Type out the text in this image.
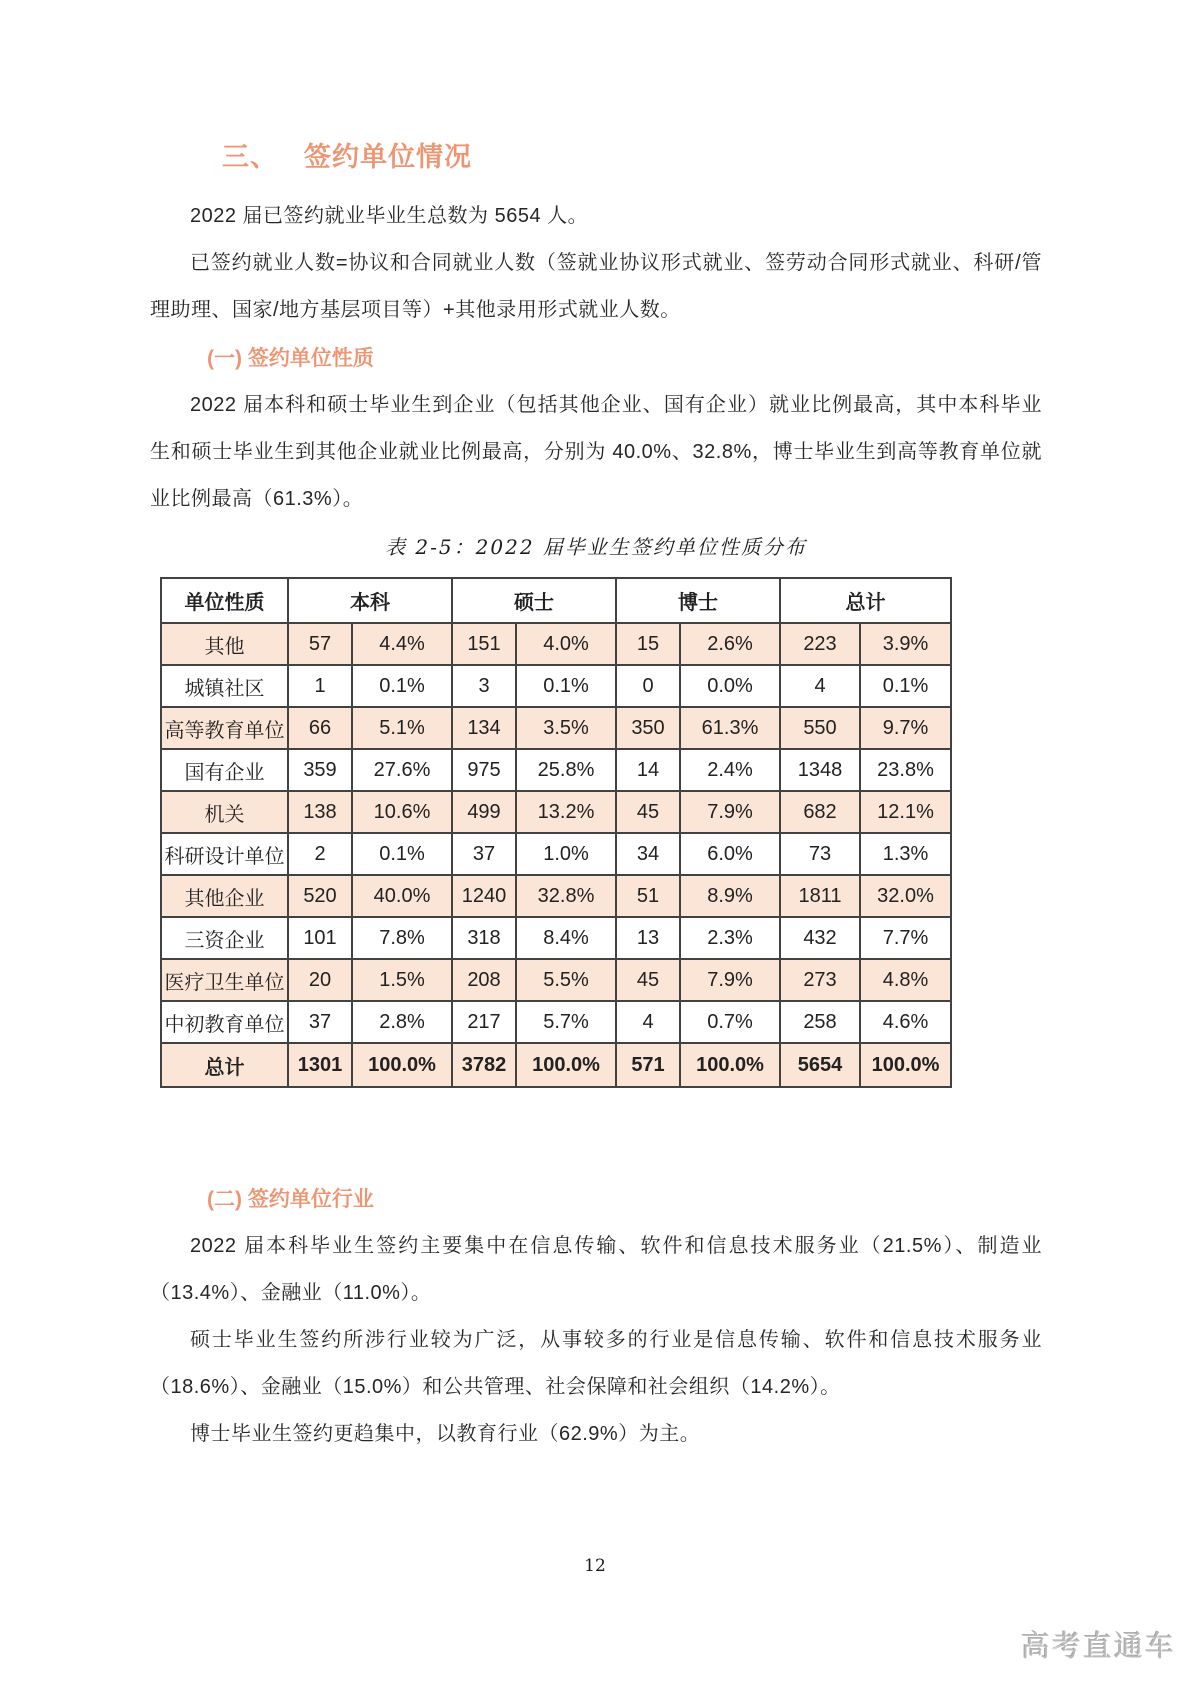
三、 签约单位情况

2022 届已签约就业毕业生总数为 5654 人。

已签约就业人数=协议和合同就业人数（签就业协议形式就业、签劳动合同形式就业、科研/管理助理、国家/地方基层项目等）+其他录用形式就业人数。

(一) 签约单位性质

2022 届本科和硕士毕业生到企业（包括其他企业、国有企业）就业比例最高，其中本科毕业生和硕士毕业生到其他企业就业比例最高，分别为 40.0%、32.8%，博士毕业生到高等教育单位就业比例最高（61.3%）。

表 2-5：2022 届毕业生签约单位性质分布
单位性质	本科		硕士		博士		总计	
其他	57	4.4%	151	4.0%	15	2.6%	223	3.9%
城镇社区	1	0.1%	3	0.1%	0	0.0%	4	0.1%
高等教育单位	66	5.1%	134	3.5%	350	61.3%	550	9.7%
国有企业	359	27.6%	975	25.8%	14	2.4%	1348	23.8%
机关	138	10.6%	499	13.2%	45	7.9%	682	12.1%
科研设计单位	2	0.1%	37	1.0%	34	6.0%	73	1.3%
其他企业	520	40.0%	1240	32.8%	51	8.9%	1811	32.0%
三资企业	101	7.8%	318	8.4%	13	2.3%	432	7.7%
医疗卫生单位	20	1.5%	208	5.5%	45	7.9%	273	4.8%
中初教育单位	37	2.8%	217	5.7%	4	0.7%	258	4.6%
总计	1301	100.0%	3782	100.0%	571	100.0%	5654	100.0%
(二) 签约单位行业

2022 届本科毕业生签约主要集中在信息传输、软件和信息技术服务业（21.5%）、制造业（13.4%）、金融业（11.0%）。

硕士毕业生签约所涉行业较为广泛，从事较多的行业是信息传输、软件和信息技术服务业（18.6%）、金融业（15.0%）和公共管理、社会保障和社会组织（14.2%）。

博士毕业生签约更趋集中，以教育行业（62.9%）为主。

12
高考直通车
